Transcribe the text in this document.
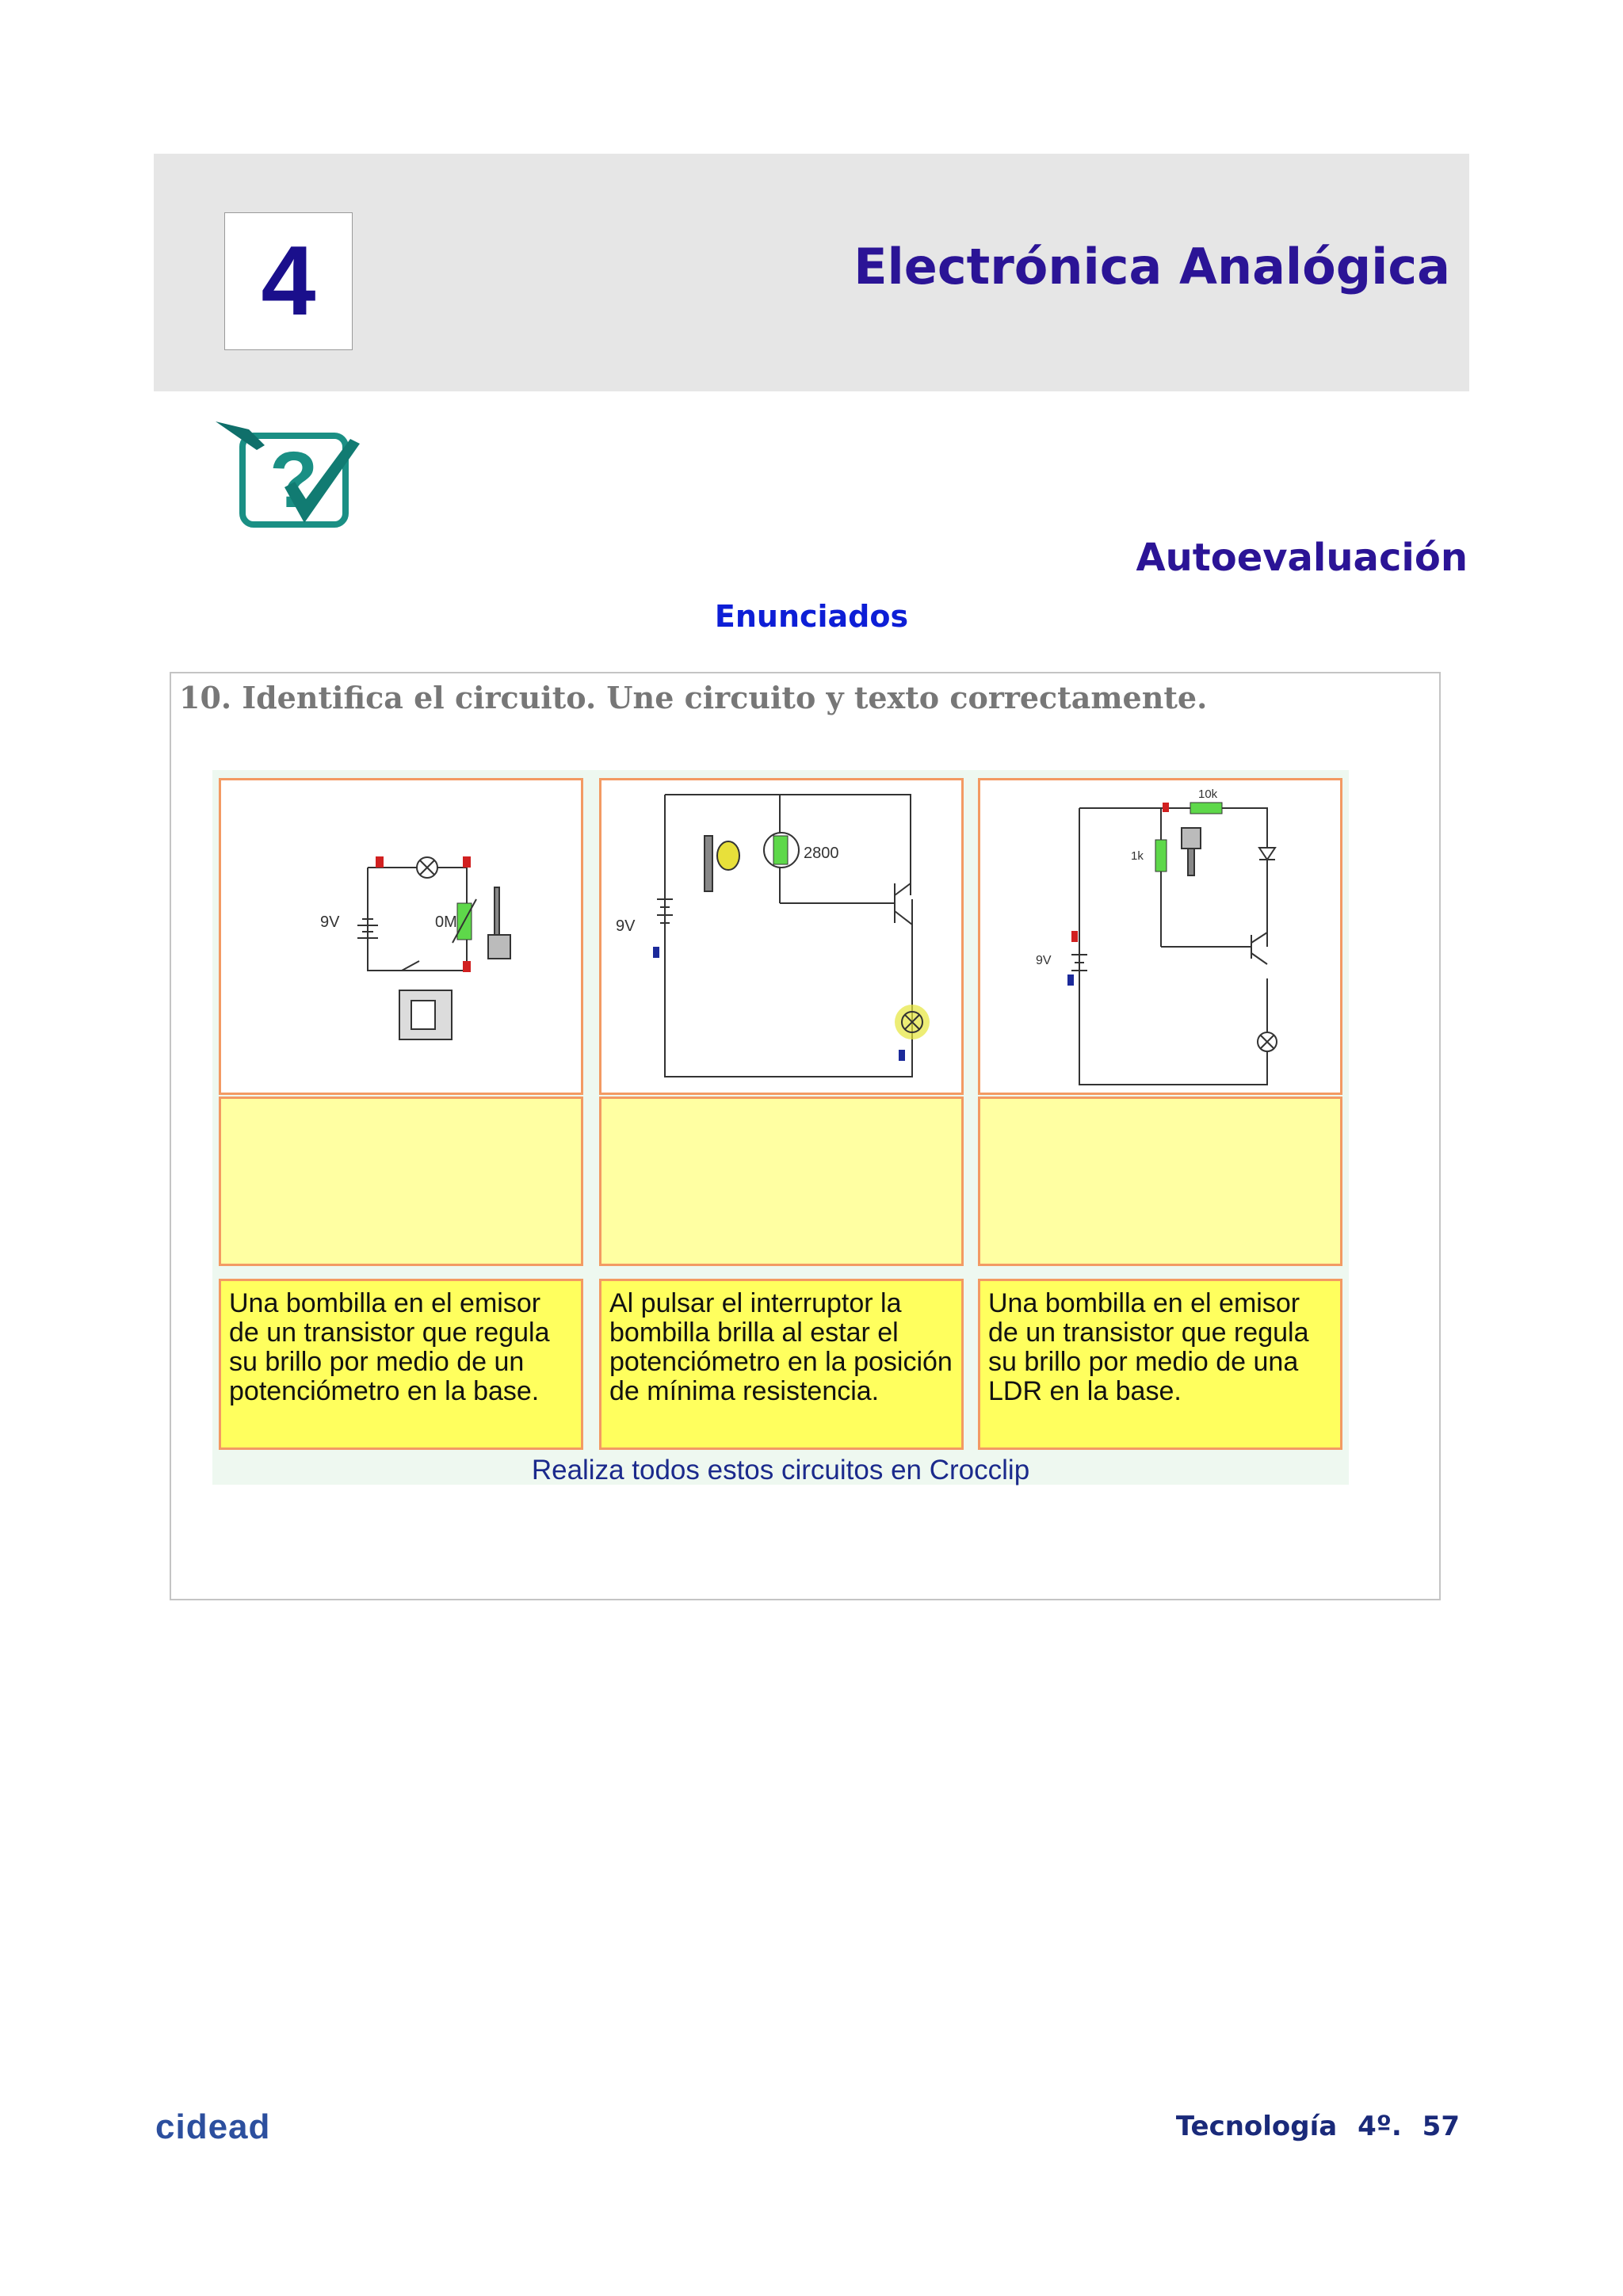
4	Electrónica Analógica
?
Autoevaluación
Enunciados
10. Identifica el circuito. Une circuito y texto correctamente.
9V	0M	9V
2800
10k
1k
9V
Una bombilla en el emisor de un transistor que regula su brillo por medio de un potenciómetro en la base.
Al pulsar el interruptor la bombilla brilla al estar el potenciómetro en la posición de mínima resistencia.
Una bombilla en el emisor de un transistor que regula su brillo por medio de una LDR en la base.
Realiza todos estos circuitos en Crocclip
cidead	Tecnología 4º. 57
